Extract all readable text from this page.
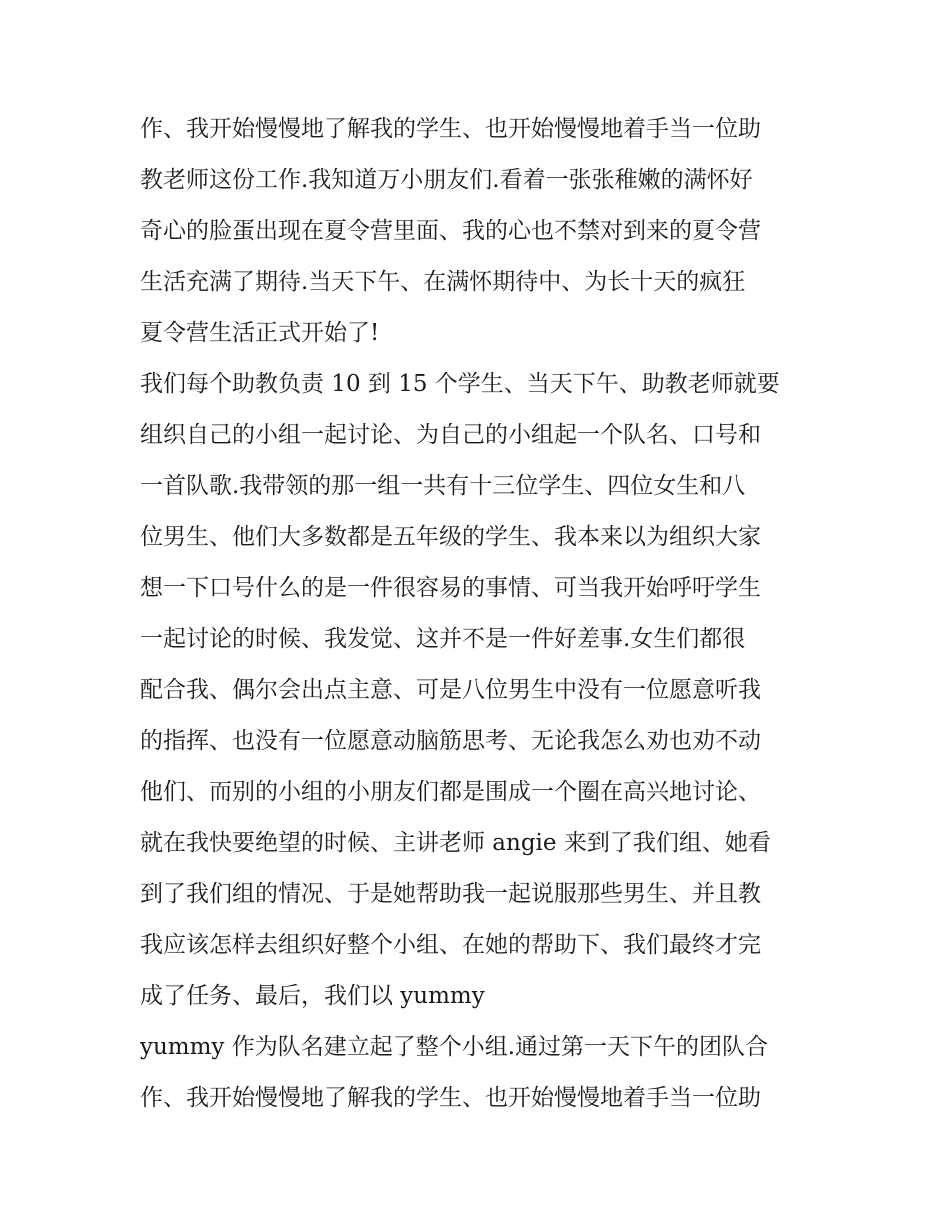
作、我开始慢慢地了解我的学生、也开始慢慢地着手当一位助
教老师这份工作.我知道万小朋友们.看着一张张稚嫩的满怀好
奇心的脸蛋出现在夏令营里面、我的心也不禁对到来的夏令营
生活充满了期待.当天下午、在满怀期待中、为长十天的疯狂
夏令营生活正式开始了!
我们每个助教负责 10 到 15 个学生、当天下午、助教老师就要
组织自己的小组一起讨论、为自己的小组起一个队名、口号和
一首队歌.我带领的那一组一共有十三位学生、四位女生和八
位男生、他们大多数都是五年级的学生、我本来以为组织大家
想一下口号什么的是一件很容易的事情、可当我开始呼吁学生
一起讨论的时候、我发觉、这并不是一件好差事.女生们都很
配合我、偶尔会出点主意、可是八位男生中没有一位愿意听我
的指挥、也没有一位愿意动脑筋思考、无论我怎么劝也劝不动
他们、而别的小组的小朋友们都是围成一个圈在高兴地讨论、
就在我快要绝望的时候、主讲老师 angie 来到了我们组、她看
到了我们组的情况、于是她帮助我一起说服那些男生、并且教
我应该怎样去组织好整个小组、在她的帮助下、我们最终才完
成了任务、最后，我们以 yummy
yummy 作为队名建立起了整个小组.通过第一天下午的团队合
作、我开始慢慢地了解我的学生、也开始慢慢地着手当一位助
